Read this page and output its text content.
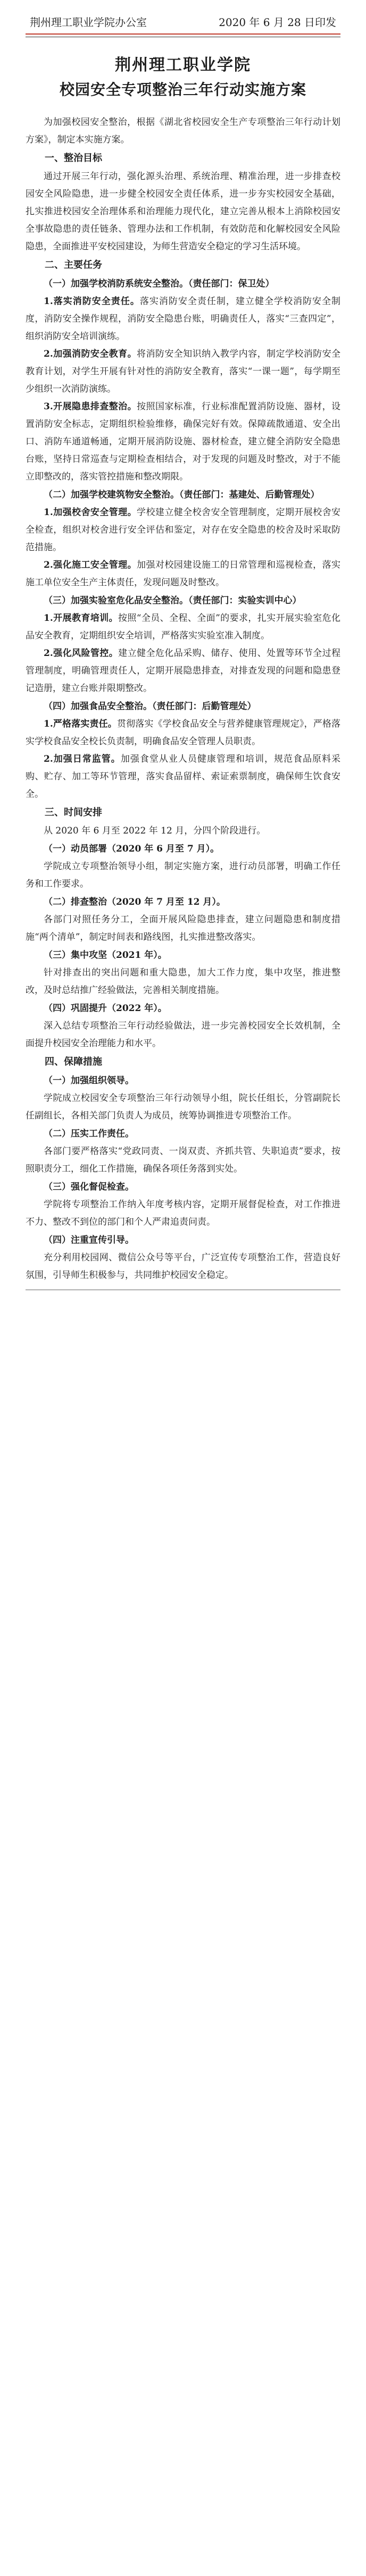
荆州理工职业学院办公室	2020 年 6 月 28 日印发
荆州理工职业学院
校园安全专项整治三年行动实施方案

为加强校园安全整治，根据《湖北省校园安全生产专项整治三年行动计划方案》，制定本实施方案。

一、整治目标

通过开展三年行动，强化源头治理、系统治理、精准治理，进一步排查校园安全风险隐患，进一步健全校园安全责任体系，进一步夯实校园安全基础，扎实推进校园安全治理体系和治理能力现代化，建立完善从根本上消除校园安全事故隐患的责任链条、管理办法和工作机制，有效防范和化解校园安全风险隐患，全面推进平安校园建设，为师生营造安全稳定的学习生活环境。

二、主要任务
（一）加强学校消防系统安全整治。（责任部门：保卫处）

1.落实消防安全责任。落实消防安全责任制，建立健全学校消防安全制度，消防安全操作规程，消防安全隐患台账，明确责任人，落实“三查四定”，组织消防安全培训演练。

2.加强消防安全教育。将消防安全知识纳入教学内容，制定学校消防安全教育计划，对学生开展有针对性的消防安全教育，落实“一课一题”，每学期至少组织一次消防演练。

3.开展隐患排查整治。按照国家标准，行业标准配置消防设施、器材，设置消防安全标志，定期组织检验维修，确保完好有效。保障疏散通道、安全出口、消防车通道畅通，定期开展消防设施、器材检查，建立健全消防安全隐患台账，坚持日常巡查与定期检查相结合，对于发现的问题及时整改，对于不能立即整改的，落实管控措施和整改期限。

（二）加强学校建筑物安全整治。（责任部门：基建处、后勤管理处）

1.加强校舍安全管理。学校建立健全校舍安全管理制度，定期开展校舍安全检查，组织对校舍进行安全评估和鉴定，对存在安全隐患的校舍及时采取防范措施。

2.强化施工安全管理。加强对校园建设施工的日常管理和巡视检查，落实施工单位安全生产主体责任，发现问题及时整改。

（三）加强实验室危化品安全整治。（责任部门：实验实训中心）

1.开展教育培训。按照“全员、全程、全面”的要求，扎实开展实验室危化品安全教育，定期组织安全培训，严格落实实验室准入制度。

2.强化风险管控。建立健全危化品采购、储存、使用、处置等环节全过程管理制度，明确管理责任人，定期开展隐患排查，对排查发现的问题和隐患登记造册，建立台账并限期整改。

（四）加强食品安全整治。（责任部门：后勤管理处）

1.严格落实责任。贯彻落实《学校食品安全与营养健康管理规定》，严格落实学校食品安全校长负责制，明确食品安全管理人员职责。

2.加强日常监管。加强食堂从业人员健康管理和培训，规范食品原料采购、贮存、加工等环节管理，落实食品留样、索证索票制度，确保师生饮食安全。

三、时间安排

从 2020 年 6 月至 2022 年 12 月，分四个阶段进行。

（一）动员部署（2020 年 6 月至 7 月）。

学院成立专项整治领导小组，制定实施方案，进行动员部署，明确工作任务和工作要求。

（二）排查整治（2020 年 7 月至 12 月）。

各部门对照任务分工，全面开展风险隐患排查，建立问题隐患和制度措施“两个清单”，制定时间表和路线图，扎实推进整改落实。

（三）集中攻坚（2021 年）。

针对排查出的突出问题和重大隐患，加大工作力度，集中攻坚，推进整改，及时总结推广经验做法，完善相关制度措施。

（四）巩固提升（2022 年）。

深入总结专项整治三年行动经验做法，进一步完善校园安全长效机制，全面提升校园安全治理能力和水平。

四、保障措施
（一）加强组织领导。

学院成立校园安全专项整治三年行动领导小组，院长任组长，分管副院长任副组长，各相关部门负责人为成员，统筹协调推进专项整治工作。

（二）压实工作责任。

各部门要严格落实“党政同责、一岗双责、齐抓共管、失职追责”要求，按照职责分工，细化工作措施，确保各项任务落到实处。

（三）强化督促检查。

学院将专项整治工作纳入年度考核内容，定期开展督促检查，对工作推进不力、整改不到位的部门和个人严肃追责问责。

（四）注重宣传引导。

充分利用校园网、微信公众号等平台，广泛宣传专项整治工作，营造良好氛围，引导师生积极参与，共同维护校园安全稳定。
